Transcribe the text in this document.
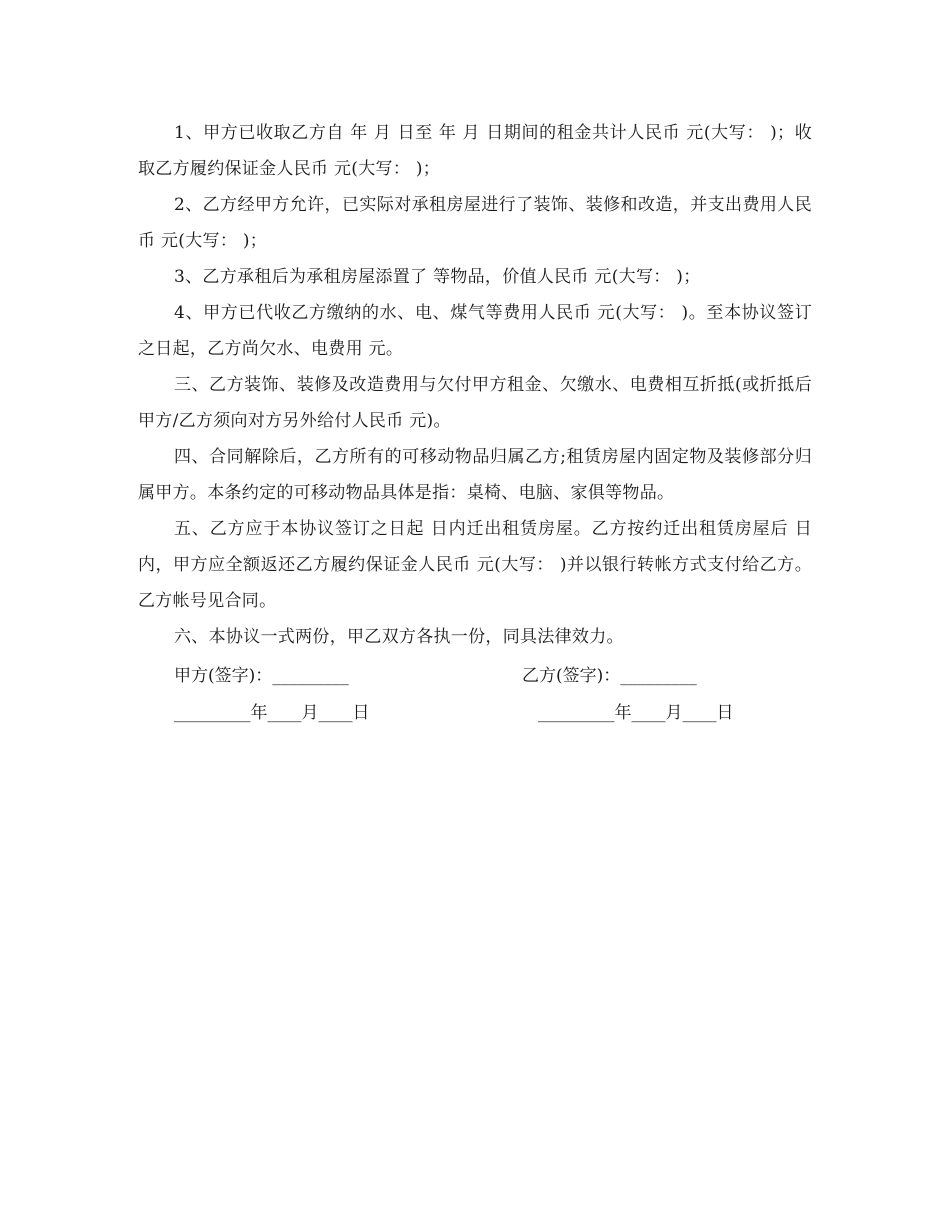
1、甲方已收取乙方自 年 月 日至 年 月 日期间的租金共计人民币 元(大写： )；收取乙方履约保证金人民币 元(大写： )；

2、乙方经甲方允许，已实际对承租房屋进行了装饰、装修和改造，并支出费用人民币 元(大写： )；

3、乙方承租后为承租房屋添置了 等物品，价值人民币 元(大写： )；

4、甲方已代收乙方缴纳的水、电、煤气等费用人民币 元(大写： )。至本协议签订之日起，乙方尚欠水、电费用 元。

三、乙方装饰、装修及改造费用与欠付甲方租金、欠缴水、电费相互折抵(或折抵后甲方/乙方须向对方另外给付人民币 元)。

四、合同解除后，乙方所有的可移动物品归属乙方;租赁房屋内固定物及装修部分归属甲方。本条约定的可移动物品具体是指：桌椅、电脑、家俱等物品。

五、乙方应于本协议签订之日起 日内迁出租赁房屋。乙方按约迁出租赁房屋后 日内，甲方应全额返还乙方履约保证金人民币 元(大写： )并以银行转帐方式支付给乙方。乙方帐号见合同。

六、本协议一式两份，甲乙双方各执一份，同具法律效力。

甲方(签字)：_________

	乙方(签字)：_________

_________年____月____日

	_________年____月____日
